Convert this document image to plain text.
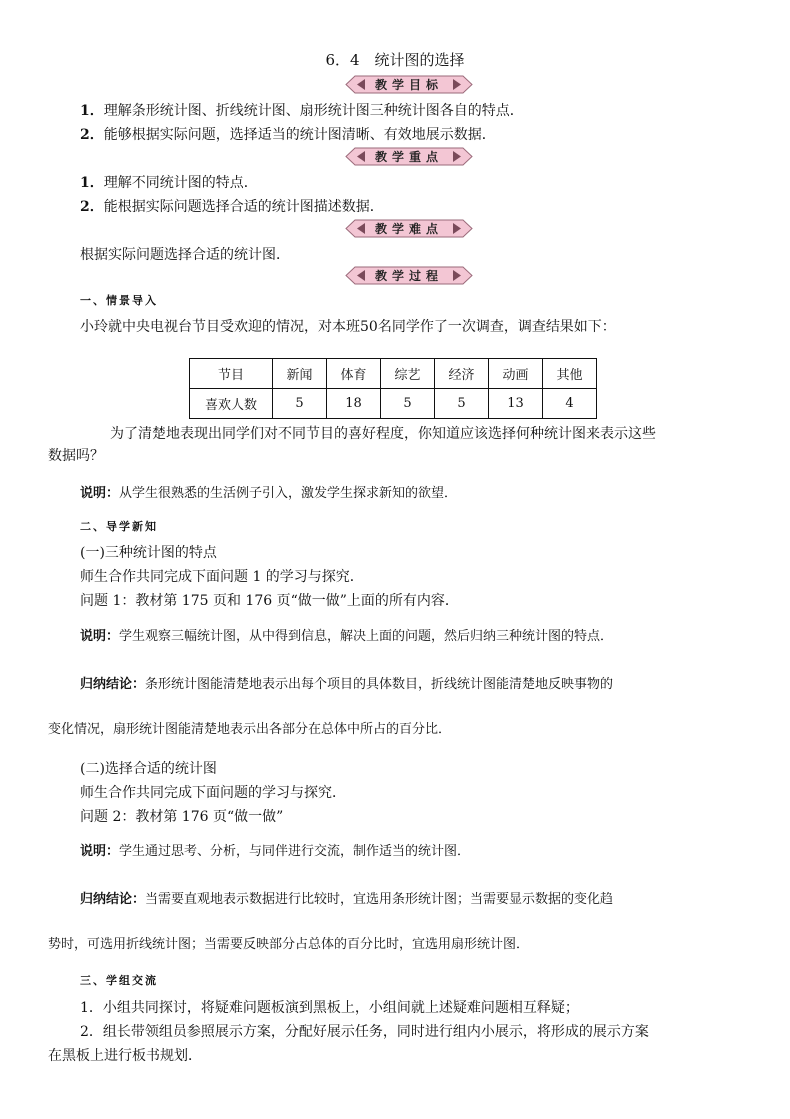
6．4　统计图的选择
教学目标
1．理解条形统计图、折线统计图、扇形统计图三种统计图各自的特点．
2．能够根据实际问题，选择适当的统计图清晰、有效地展示数据．
教学重点
1．理解不同统计图的特点．
2．能根据实际问题选择合适的统计图描述数据．
教学难点
根据实际问题选择合适的统计图．
教学过程
一、情景导入
小玲就中央电视台节目受欢迎的情况，对本班50名同学作了一次调查，调查结果如下：
节目	新闻	体育	综艺	经济	动画	其他
喜欢人数	5	18	5	5	13	4
为了清楚地表现出同学们对不同节目的喜好程度，你知道应该选择何种统计图来表示这些
数据吗？
说明：从学生很熟悉的生活例子引入，激发学生探求新知的欲望．
二、导学新知
(一)三种统计图的特点
师生合作共同完成下面问题 1 的学习与探究．
问题 1：教材第 175 页和 176 页“做一做”上面的所有内容．
说明：学生观察三幅统计图，从中得到信息，解决上面的问题，然后归纳三种统计图的特点．
归纳结论：条形统计图能清楚地表示出每个项目的具体数目，折线统计图能清楚地反映事物的
变化情况，扇形统计图能清楚地表示出各部分在总体中所占的百分比．
(二)选择合适的统计图
师生合作共同完成下面问题的学习与探究．
问题 2：教材第 176 页“做一做”
说明：学生通过思考、分析，与同伴进行交流，制作适当的统计图．
归纳结论：当需要直观地表示数据进行比较时，宜选用条形统计图；当需要显示数据的变化趋
势时，可选用折线统计图；当需要反映部分占总体的百分比时，宜选用扇形统计图．
三、学组交流
1．小组共同探讨，将疑难问题板演到黑板上，小组间就上述疑难问题相互释疑；
2．组长带领组员参照展示方案，分配好展示任务，同时进行组内小展示，将形成的展示方案
在黑板上进行板书规划．
